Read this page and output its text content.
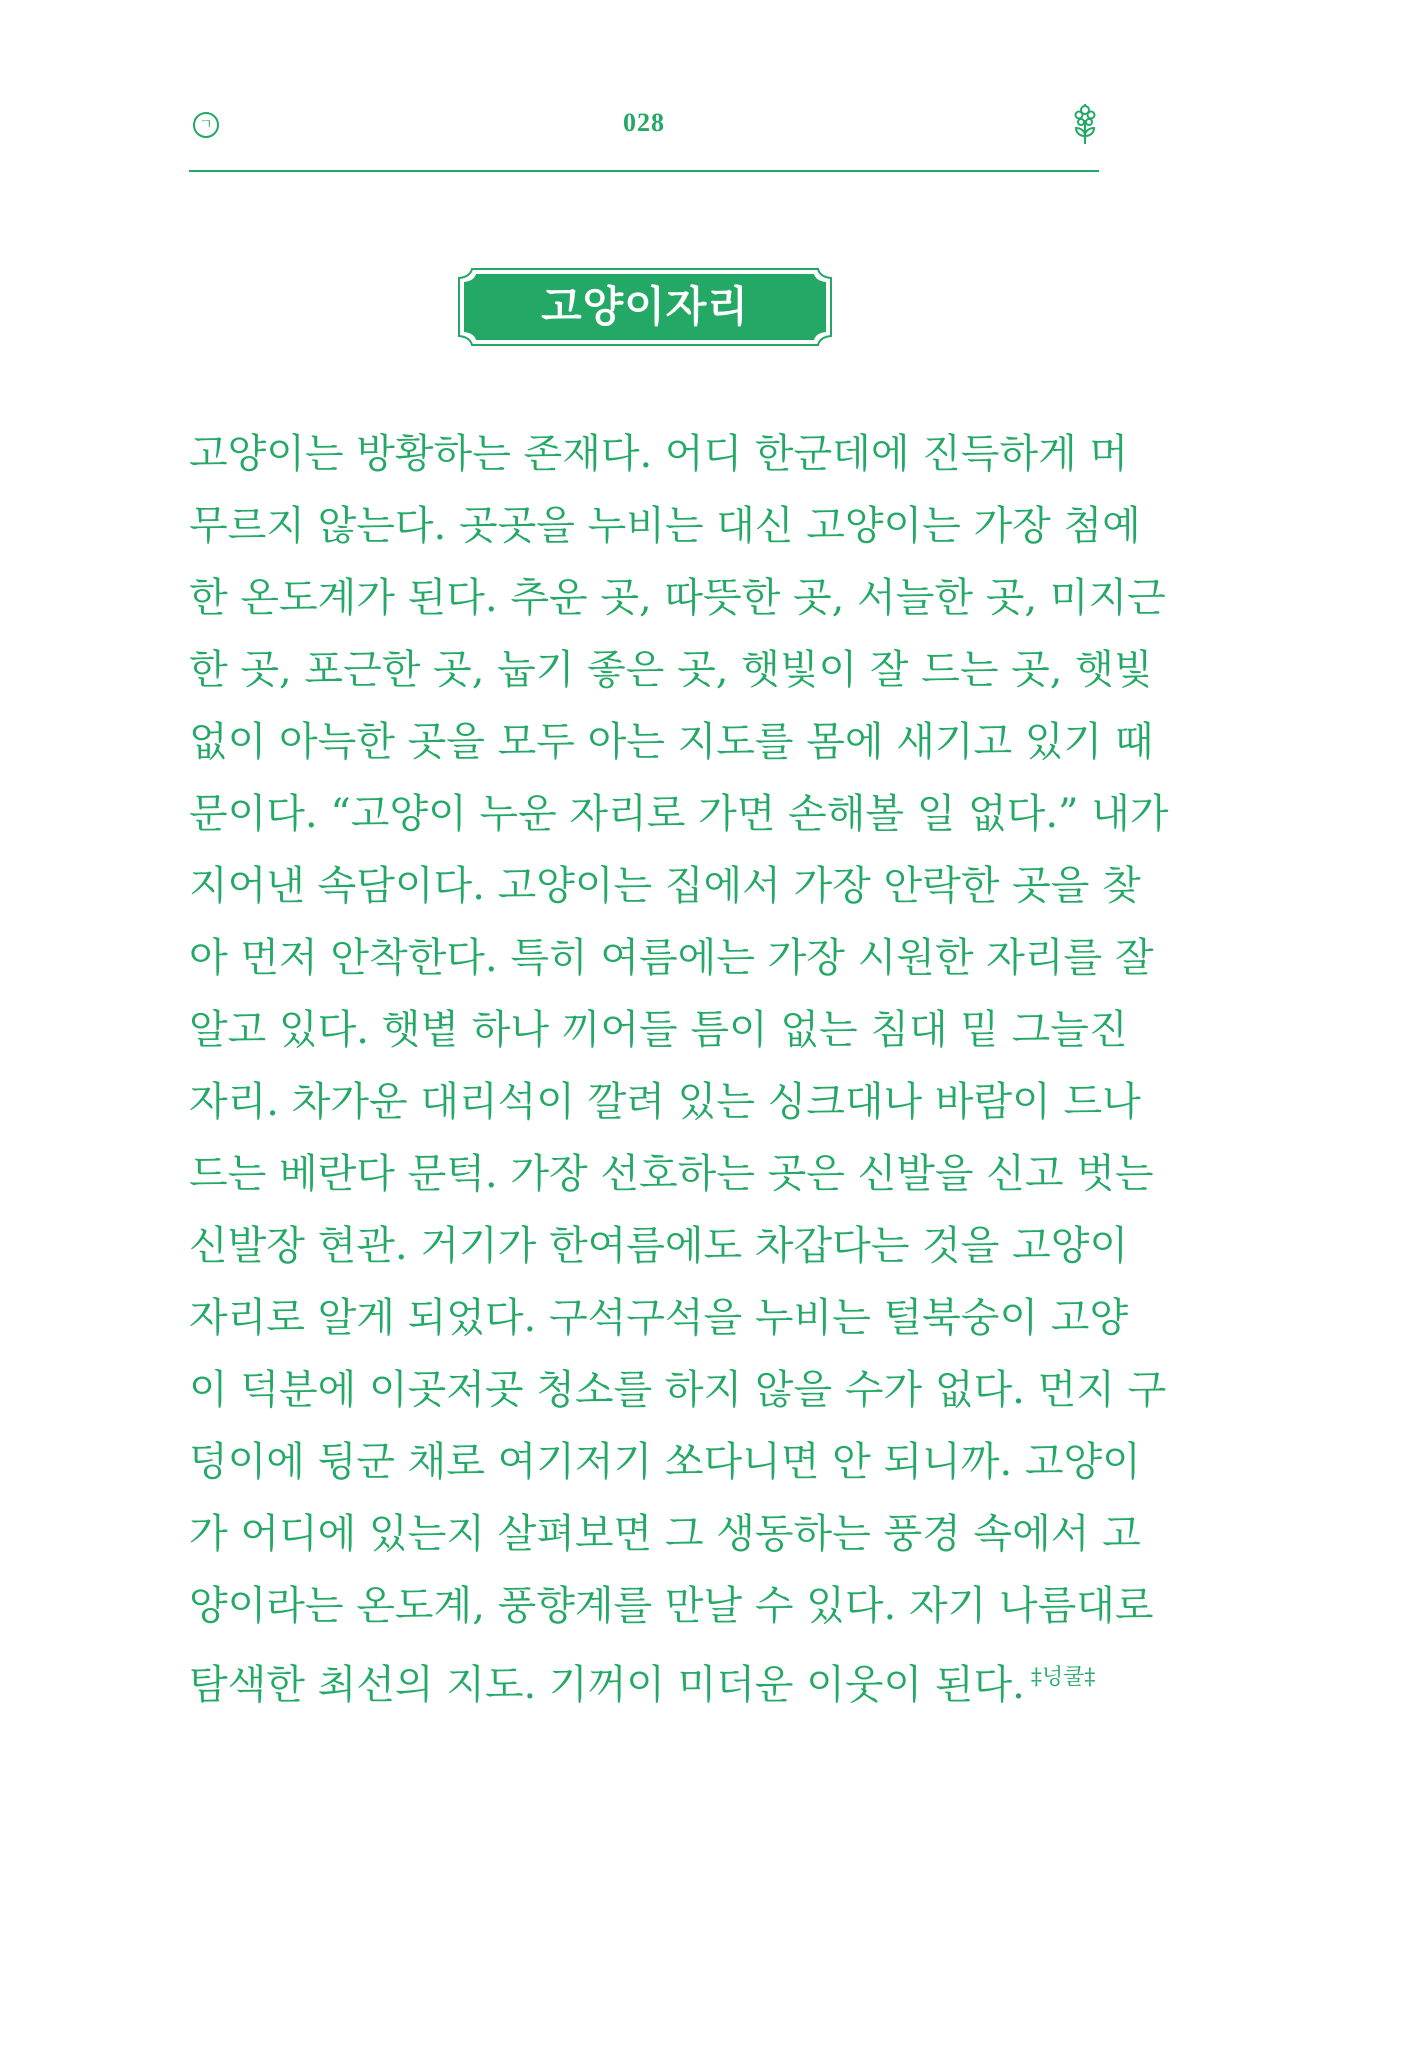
ㄱ	028
고양이자리
고양이는 방황하는 존재다. 어디 한군데에 진득하게 머
무르지 않는다. 곳곳을 누비는 대신 고양이는 가장 첨예
한 온도계가 된다. 추운 곳, 따뜻한 곳, 서늘한 곳, 미지근
한 곳, 포근한 곳, 눕기 좋은 곳, 햇빛이 잘 드는 곳, 햇빛
없이 아늑한 곳을 모두 아는 지도를 몸에 새기고 있기 때
문이다. “고양이 누운 자리로 가면 손해볼 일 없다.” 내가
지어낸 속담이다. 고양이는 집에서 가장 안락한 곳을 찾
아 먼저 안착한다. 특히 여름에는 가장 시원한 자리를 잘
알고 있다. 햇볕 하나 끼어들 틈이 없는 침대 밑 그늘진
자리. 차가운 대리석이 깔려 있는 싱크대나 바람이 드나
드는 베란다 문턱. 가장 선호하는 곳은 신발을 신고 벗는
신발장 현관. 거기가 한여름에도 차갑다는 것을 고양이
자리로 알게 되었다. 구석구석을 누비는 털북숭이 고양
이 덕분에 이곳저곳 청소를 하지 않을 수가 없다. 먼지 구
덩이에 뒹군 채로 여기저기 쏘다니면 안 되니까. 고양이
가 어디에 있는지 살펴보면 그 생동하는 풍경 속에서 고
양이라는 온도계, 풍향계를 만날 수 있다. 자기 나름대로
탐색한 최선의 지도. 기꺼이 미더운 이웃이 된다. $^{\ddagger 넝쿨\ddagger}$
